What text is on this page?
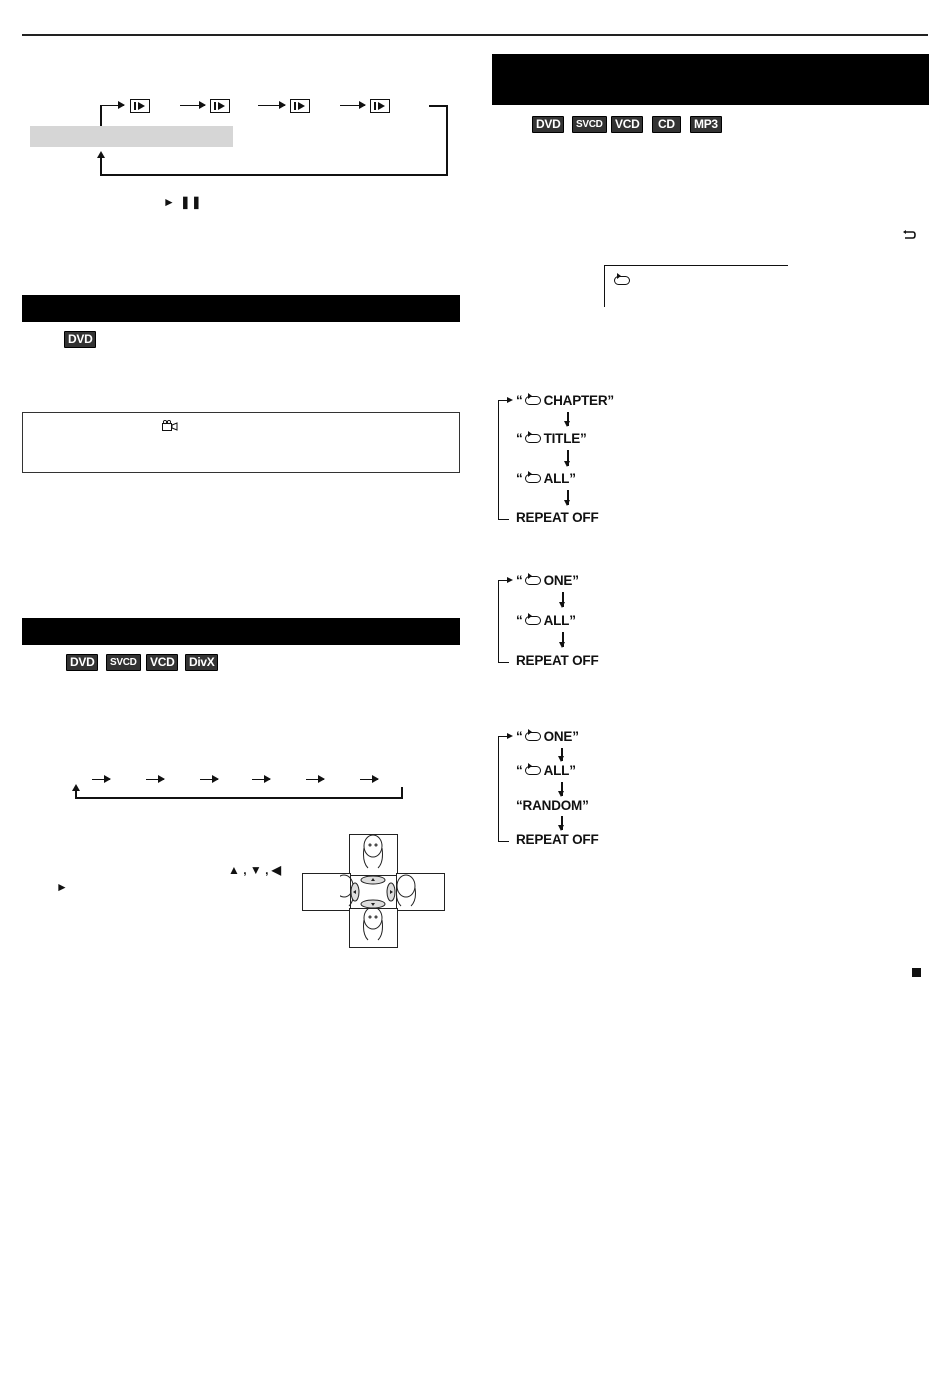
► ❚❚
DVD
DVD	SVCD	VCD	DivX
▲ , ▼ , ◀
►
DVD	SVCD	VCD	CD	MP3
“ CHAPTER”
“ TITLE”
“ ALL”
REPEAT OFF
“ ONE”
“ ALL”
REPEAT OFF
“ ONE”
“ ALL”
“RANDOM”
REPEAT OFF
